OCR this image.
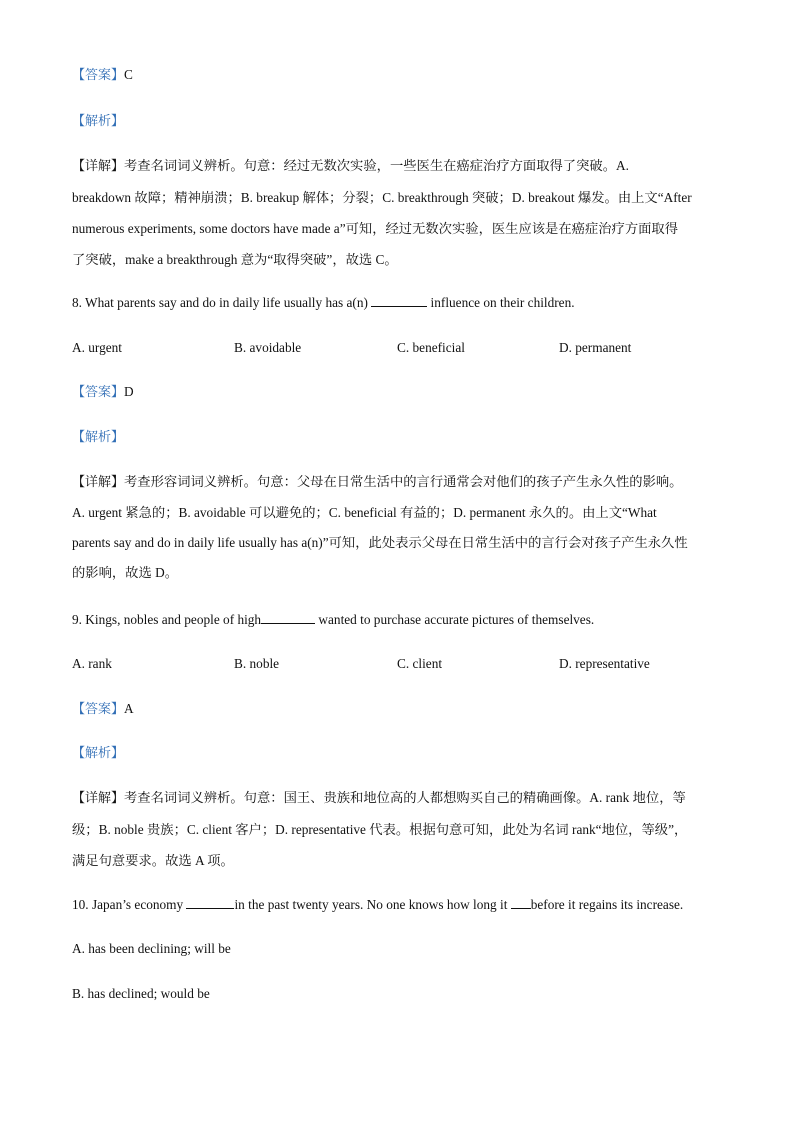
【答案】C
【解析】
【详解】考查名词词义辨析。句意：经过无数次实验，一些医生在癌症治疗方面取得了突破。A.
breakdown 故障；精神崩溃；B. breakup 解体；分裂；C. breakthrough 突破；D. breakout 爆发。由上文“After
numerous experiments, some doctors have made a”可知，经过无数次实验，医生应该是在癌症治疗方面取得
了突破，make a breakthrough 意为“取得突破”，故选 C。
8. What parents say and do in daily life usually has a(n)	influence on their children.
A. urgent	B. avoidable	C. beneficial	D. permanent
【答案】D
【解析】
【详解】考查形容词词义辨析。句意：父母在日常生活中的言行通常会对他们的孩子产生永久性的影响。
A. urgent 紧急的；B. avoidable 可以避免的；C. beneficial 有益的；D. permanent 永久的。由上文“What
parents say and do in daily life usually has a(n)”可知，此处表示父母在日常生活中的言行会对孩子产生永久性
的影响，故选 D。
9. Kings, nobles and people of high	wanted to purchase accurate pictures of themselves.
A. rank	B. noble	C. client	D. representative
【答案】A
【解析】
【详解】考查名词词义辨析。句意：国王、贵族和地位高的人都想购买自己的精确画像。A. rank 地位，等
级；B. noble 贵族；C. client 客户；D. representative 代表。根据句意可知，此处为名词 rank“地位，等级”，
满足句意要求。故选 A 项。
10. Japan’s economy	in the past twenty years. No one knows how long it before it regains its increase.
A. has been declining; will be
B. has declined; would be
